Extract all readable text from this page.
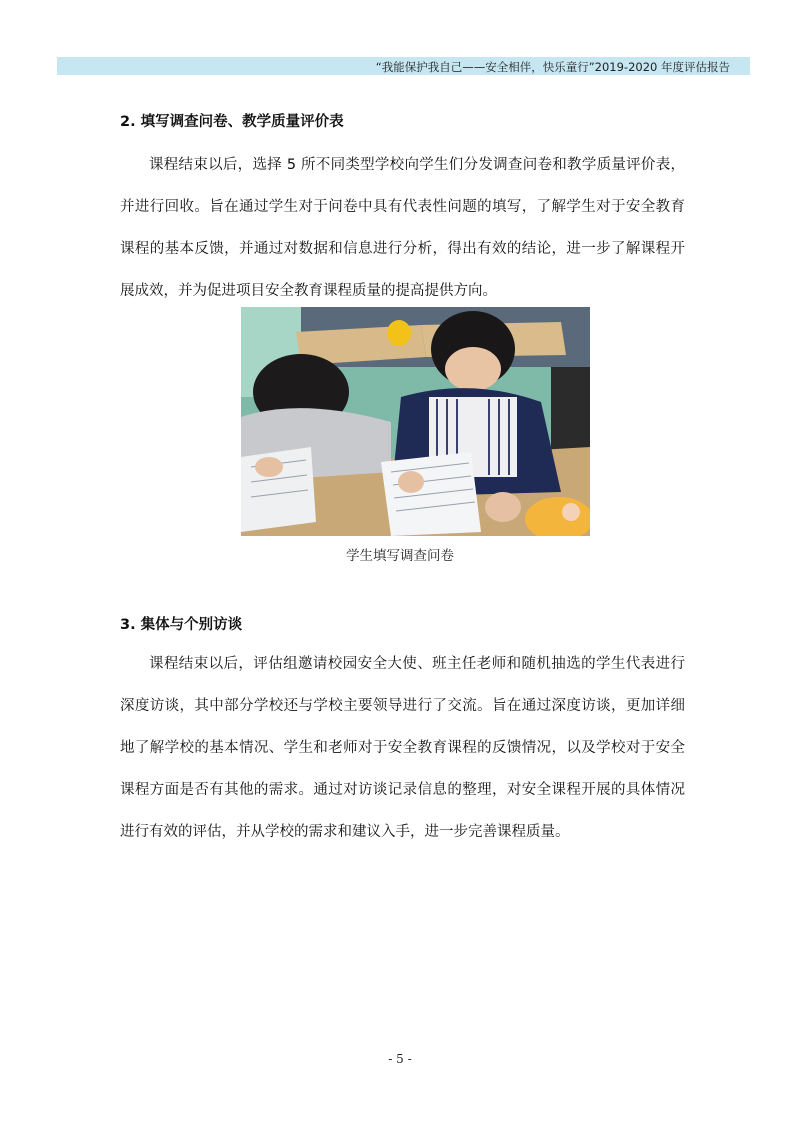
“我能保护我自己——安全相伴，快乐童行”2019-2020 年度评估报告
2. 填写调查问卷、教学质量评价表

课程结束以后，选择 5 所不同类型学校向学生们分发调查问卷和教学质量评价表，并进行回收。旨在通过学生对于问卷中具有代表性问题的填写，了解学生对于安全教育课程的基本反馈，并通过对数据和信息进行分析，得出有效的结论，进一步了解课程开展成效，并为促进项目安全教育课程质量的提高提供方向。

学生填写调查问卷
3. 集体与个别访谈

课程结束以后，评估组邀请校园安全大使、班主任老师和随机抽选的学生代表进行深度访谈，其中部分学校还与学校主要领导进行了交流。旨在通过深度访谈，更加详细地了解学校的基本情况、学生和老师对于安全教育课程的反馈情况，以及学校对于安全课程方面是否有其他的需求。通过对访谈记录信息的整理，对安全课程开展的具体情况进行有效的评估，并从学校的需求和建议入手，进一步完善课程质量。

- 5 -
